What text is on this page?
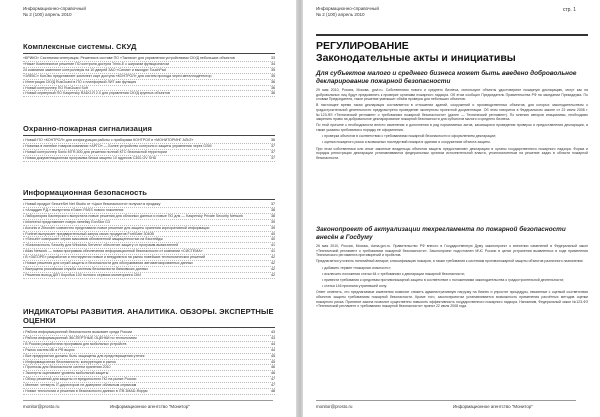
Информационно-справочный
№ 2 (100) апрель 2010
Комплексные системы. СКУД
«БРИКО» Системная интеграция. Решения в составе ПО «Тактика» для управления устройствами СКУД небольших объектов	33
«Ника» Комплексное решение ПО контроля доступа Trinix-Е с широким функционалом	34
24 компании заменяют контроллеры на 10 дверей ЗАО «Сигма» и выходят TouchPad	35
«ЭЛЕКС» КонЭкс представляет комплект карт доступа «КОНТРОЛ» для систем прохода через металлодетектор	35
• Интеграция СКУД RusGuard в ПО с платформой ЛИТ как функция	36
• Новый контроллер ПО RusGuard Soft	36
• Новый серверный ПО Kaspersky RADO-R 2.0 для управления СКУД крупных объектов	36
Охранно-пожарная сигнализация
• Новый ПО «КОНТРОЛ» для конфигурации работы с приборами КОНТРОЛ и «МОНИТОРИНГ АЛЬТ»	36
• Новинка в линейке товаров компании «АРГО» — Более устройство контроля и защиты управления через GSM	37
• Новый контроллер Sonic MTR-500 для решения полной КТС безопасной территории	37
• Новая документационная программа блока защиты 10 адресов С300-GV SHD	37
Информационная безопасность
• Новый продукт SecureSet Net Studio от «Цикл безопасности» получил в продажу	37
• «Аладдин Р.Д.» выпустила eToken PASS нового поколения	38
• Лаборатория Касперского выпустила новые решения для облачных данных и новые ПО для — Kaspersky Private Security Network	38
• Infortrend представляет новую линейку EonStor G3	39
• Acronis и Zthunder совместно представили новое решение для защиты хранения корпоративной информации	39
• Fortinet выпускает предварительный запуск своих продуктов FortiGate 3040B	40
• «Securit» совершает серию массивов обновленной защищенностью на бэкстейдж	40
• «Безопасность Security для Windows Servers» обеспечит защиту от программ-вымогателей	41
• Atlas Network — новая программа обеспечения информационной безопасности от компании «СИСТЕМА»	41
• В «ЗАТОРЕ» разработан и тестируются новые и внедряются на рынок новейших технологических решений	42
• Новые решения для служб защиты и безопасности для обслуживания автоматизированных данных	42
• Выпущена российская служба системы безопасности банковских данных	42
• Решения выход ДЛП Коробка 100 полного сервиса мониторинга СКИ	42
ИНДИКАТОРЫ РАЗВИТИЯ. АНАЛИТИКА. ОБЗОРЫ. ЭКСПЕРТНЫЕ ОЦЕНКИ
• Работа информационной безопасности вызывает среди России	43
• Работа информационной ЭКСПЕРТНЫЕ ОЦЕНКИ по технологиям	43
• В России разработана программа для мобильных устройств	44
• Рынок систем ИБ в РФ вырос	44
• Все предприятия должны быть защищены для предотвращения утечек	45
• Информационная безопасность: конкуренция и рынок	45
• Прогнозы для безопасности систем хранения 2010	46
• Эксперты оценивают уровень мобильной защиты	46
• Обзор решений для защиты от вредоносного ПО на рынке России	47
• Мнение: четверть IT-директоров не доверяют облачным сервисам	47
• Новые технологии и решения в безопасности данных в ITB 3MAD-Форум	48
monitor@prosto.ru	Информационное агентство "Монитор"
Информационно-справочный
№ 2 (100) апрель 2010
стр. 1
РЕГУЛИРОВАНИЕ
Законодательные акты и инициативы
Для субъектов малого и среднего бизнеса может быть введено добровольное декларирование пожарной безопасности

29 мая 2010, Россия, Москва, govt.ru. Собственники нового и среднего бизнеса, используют объекты удостоверяют пожарную декларацию, могут как на добровольных лиц будут предъявлять к проверке органами пожарного надзора. Об этом сообщил Председатель Правительства РФ на заседании Президиума. По словам Председателя, такое решение уменьшит объём проверок для небольших объектов.

В настоящее время такая декларация составляется в отношении зданий, сооружений и производственных объектов, для которых законодательством о градостроительной деятельности предусмотрено проведение экспертизы проектной документации. Об этом говорится в Федеральном законе от 22 июля 2008 г. №123-ФЗ «Технический регламент о требованиях пожарной безопасности» (далее — Технический регламент). По мнению авторов инициативы, необходимо закрепить право на добровольное декларирование пожарной безопасности для субъектов малого и среднего бизнеса.

По этой причине к необходимости внести изменения и дополнения в ряд нормативных актов, касающихся проведения проверок и предоставления декларации, а также указаны требования к порядку ее оформления.

• проверка объектов в соответствии с требованиями пожарной безопасности и оформлением декларации;

• оценка пожарного риска и возможных последствий пожара в зданиях и сооружениях объекта защиты.

При этом собственники или иные законные владельцы объектов защиты предоставляют декларацию в органы государственного пожарного надзора. Форма и порядок регистрации декларации устанавливаются федеральным органом исполнительной власти, уполномоченным на решение задач в области пожарной безопасности.

Законопроект об актуализации техрегламента по пожарной безопасности внесён в Госдуму

26 мая 2010, Россия, Москва, duma.gov.ru. Правительство РФ внесло в Государственную Думу законопроект о внесении изменений в Федеральный закон «Технический регламент о требованиях пожарной безопасности». Законопроект подготовлен МЧС России в целях устранения выявленных в ходе применения Технического регламента противоречий и пробелов.

Предлагается уточнить понятийный аппарат, классификацию пожаров, а также требования к системам противопожарной защиты объектов различного назначения:

• добавить термин «пожарная опасность»;

• исключить положения статьи 64 о требованиях к декларации пожарной безопасности;

• привести требования к средствам противопожарной защиты в соответствие с положениями законодательства о градостроительной деятельности;

• статья 146 признана утратившей силу.

Ответ отметить, что предлагаемые изменения позволят снизить административную нагрузку на бизнес и упростят процедуры, связанные с оценкой соответствия объектов защиты требованиям пожарной безопасности. Кроме того, законопроектом устанавливается возможность применения расчётных методов оценки пожарного риска. Принятие закона позволит существенно повысить эффективность государственного пожарного надзора. Напомним, Федеральный закон №123-ФЗ «Технический регламент о требованиях пожарной безопасности» принят 22 июля 2008 года.

monitor@prosto.ru	Информационное агентство "Монитор"
